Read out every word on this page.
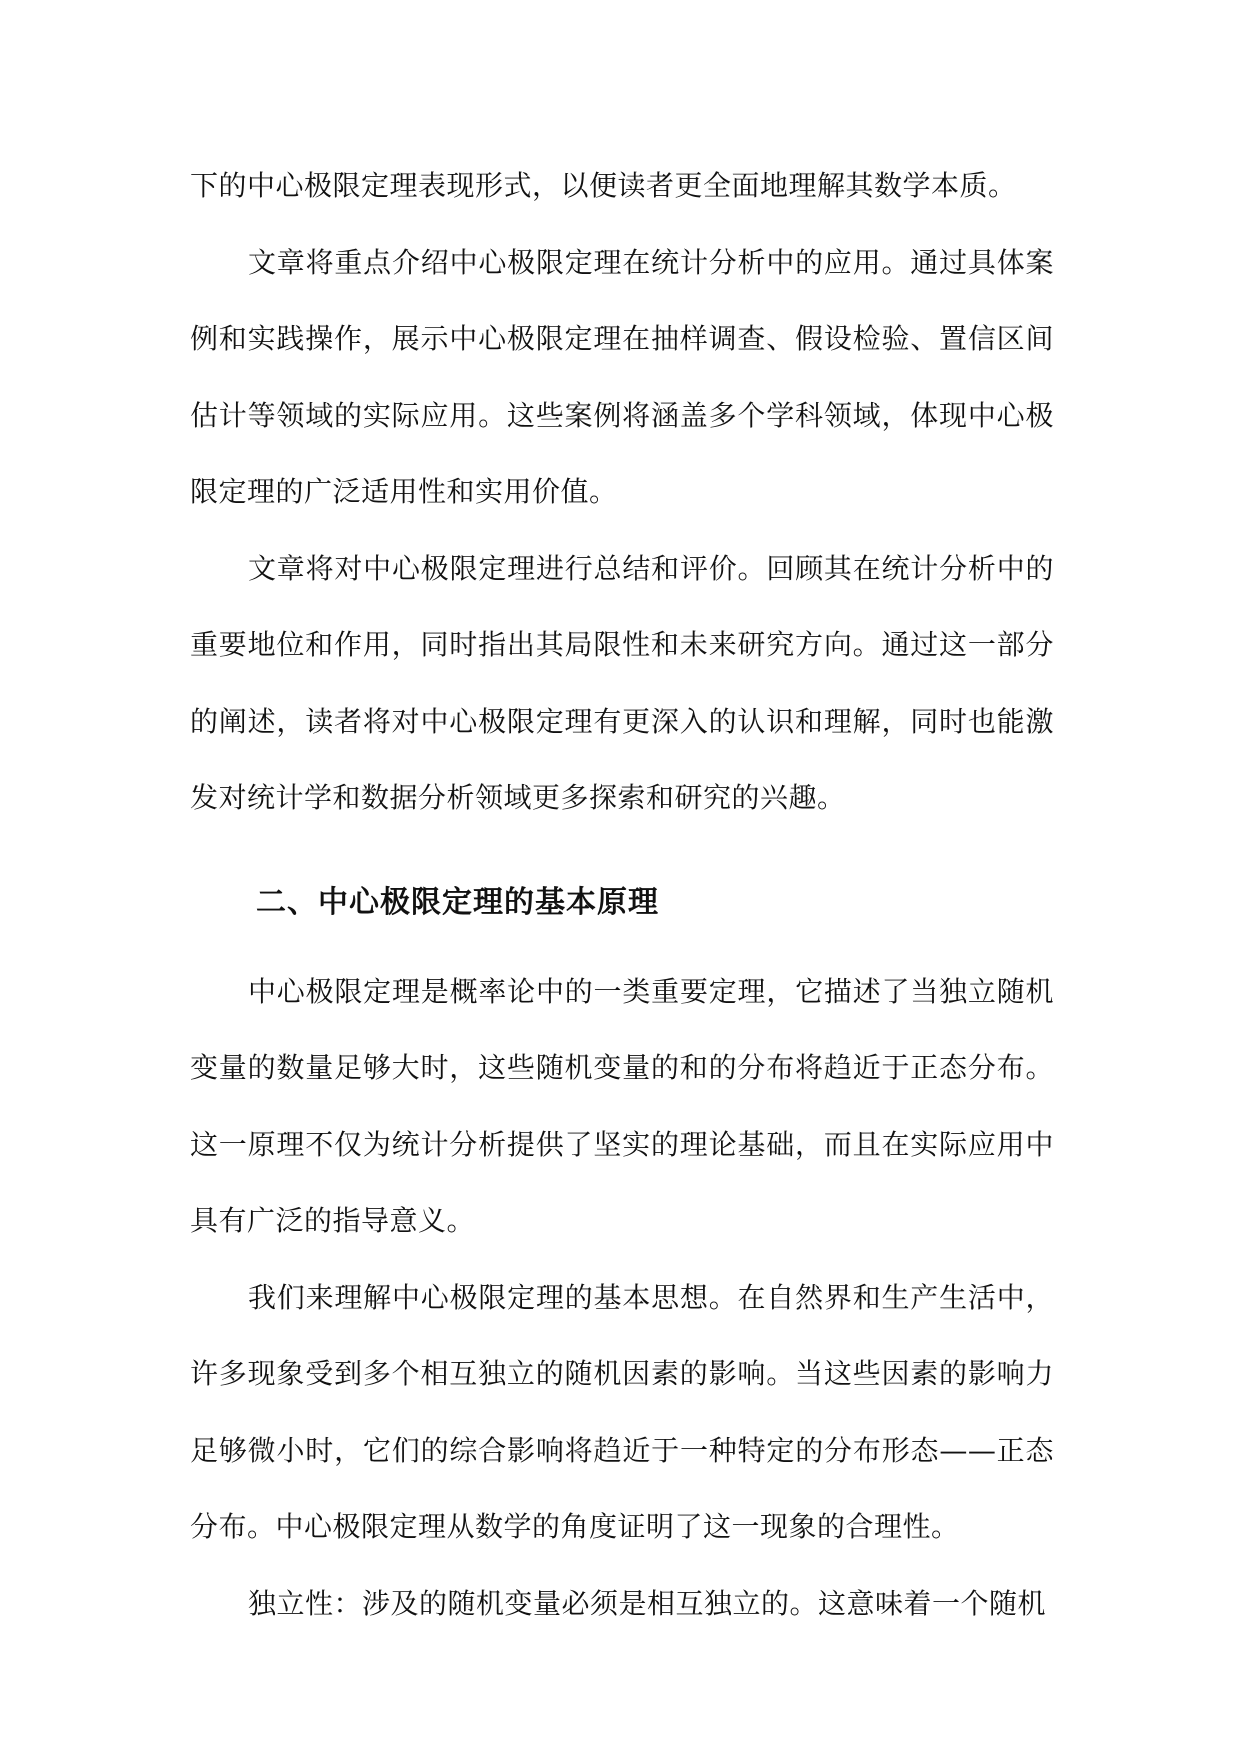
下的中心极限定理表现形式，以便读者更全面地理解其数学本质。

文章将重点介绍中心极限定理在统计分析中的应用。通过具体案例和实践操作，展示中心极限定理在抽样调查、假设检验、置信区间估计等领域的实际应用。这些案例将涵盖多个学科领域，体现中心极限定理的广泛适用性和实用价值。

文章将对中心极限定理进行总结和评价。回顾其在统计分析中的重要地位和作用，同时指出其局限性和未来研究方向。通过这一部分的阐述，读者将对中心极限定理有更深入的认识和理解，同时也能激发对统计学和数据分析领域更多探索和研究的兴趣。

二、中心极限定理的基本原理

中心极限定理是概率论中的一类重要定理，它描述了当独立随机变量的数量足够大时，这些随机变量的和的分布将趋近于正态分布。这一原理不仅为统计分析提供了坚实的理论基础，而且在实际应用中具有广泛的指导意义。

我们来理解中心极限定理的基本思想。在自然界和生产生活中，许多现象受到多个相互独立的随机因素的影响。当这些因素的影响力足够微小时，它们的综合影响将趋近于一种特定的分布形态——正态分布。中心极限定理从数学的角度证明了这一现象的合理性。

独立性：涉及的随机变量必须是相互独立的。这意味着一个随机
